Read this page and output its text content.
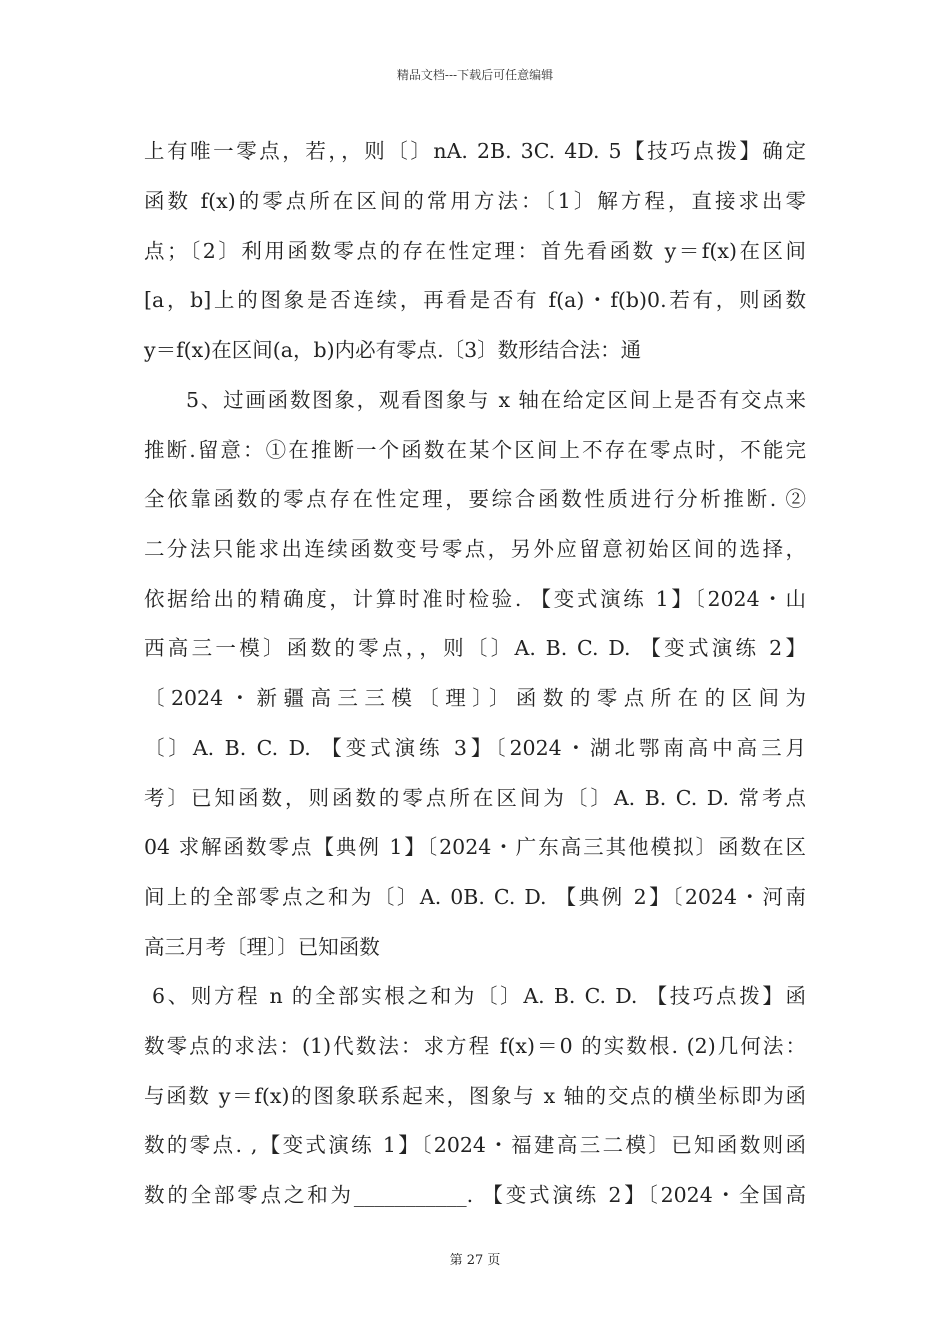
精品文档---下载后可任意编辑
上有唯一零点，若，，则〔〕nA. 2B. 3C. 4D. 5【技巧点拨】确定
函数 f(x)的零点所在区间的常用方法：〔1〕解方程，直接求出零
点；〔2〕利用函数零点的存在性定理：首先看函数 y＝f(x)在区间
[a，b]上的图象是否连续，再看是否有 f(a)・f(b)0.若有，则函数
y＝f(x)在区间(a，b)内必有零点.〔3〕数形结合法：通
5、过画函数图象，观看图象与 x 轴在给定区间上是否有交点来
推断.留意：①在推断一个函数在某个区间上不存在零点时，不能完
全依靠函数的零点存在性定理，要综合函数性质进行分析推断. ②
二分法只能求出连续函数变号零点，另外应留意初始区间的选择，
依据给出的精确度，计算时准时检验. 【变式演练 1】〔2024・山
西高三一模〕函数的零点，，则〔〕A. B. C. D. 【变式演练 2】
〔2024・新疆高三三模〔理〕〕函数的零点所在的区间为
〔〕A. B. C. D. 【变式演练 3】〔2024・湖北鄂南高中高三月
考〕已知函数，则函数的零点所在区间为〔〕A. B. C. D. 常考点
04 求解函数零点【典例 1】〔2024・广东高三其他模拟〕函数在区
间上的全部零点之和为〔〕A. 0B. C. D. 【典例 2】〔2024・河南
高三月考〔理〕〕已知函数
6、则方程 n 的全部实根之和为〔〕A. B. C. D. 【技巧点拨】函
数零点的求法：(1)代数法：求方程 f(x)＝0 的实数根. (2)几何法：
与函数 y＝f(x)的图象联系起来，图象与 x 轴的交点的横坐标即为函
数的零点. ,【变式演练 1】〔2024・福建高三二模〕已知函数则函
数的全部零点之和为___________. 【变式演练 2】〔2024・全国高
第 27 页
